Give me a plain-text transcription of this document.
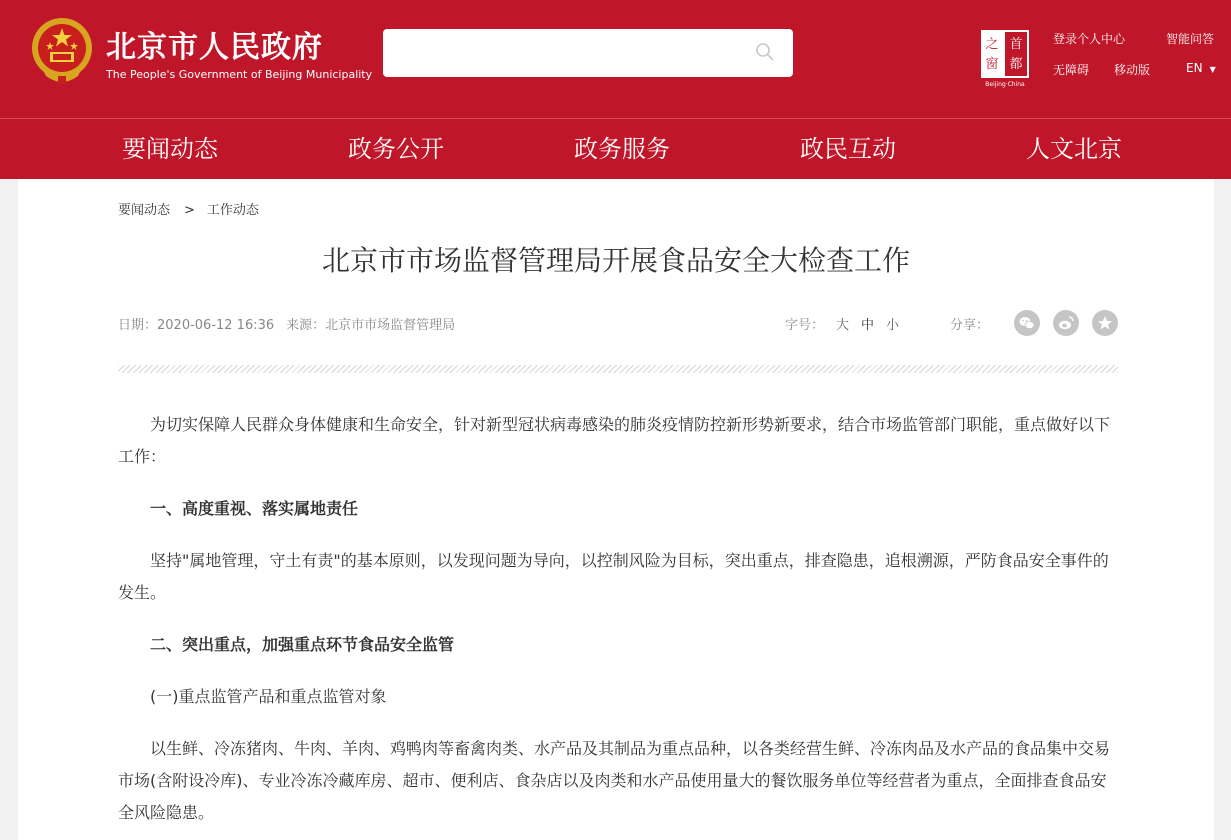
北京市人民政府
The People's Government of Beijing Municipality
之
窗
首
都
Beijing·China
登录个人中心	智能问答
无障碍 移动版	EN ▼
要闻动态	政务公开	政务服务	政民互动	人文北京
要闻动态 > 工作动态
北京市市场监督管理局开展食品安全大检查工作
日期：2020-06-12 16:36 来源：北京市市场监督管理局	字号： 大 中 小	分享：

为切实保障人民群众身体健康和生命安全，针对新型冠状病毒感染的肺炎疫情防控新形势新要求，结合市场监管部门职能，重点做好以下工作：

一、高度重视、落实属地责任

坚持"属地管理，守土有责"的基本原则，以发现问题为导向，以控制风险为目标，突出重点，排查隐患，追根溯源，严防食品安全事件的发生。

二、突出重点，加强重点环节食品安全监管

(一)重点监管产品和重点监管对象

以生鲜、冷冻猪肉、牛肉、羊肉、鸡鸭肉等畜禽肉类、水产品及其制品为重点品种，以各类经营生鲜、冷冻肉品及水产品的食品集中交易市场(含附设冷库)、专业冷冻冷藏库房、超市、便利店、食杂店以及肉类和水产品使用量大的餐饮服务单位等经营者为重点，全面排查食品安全风险隐患。
